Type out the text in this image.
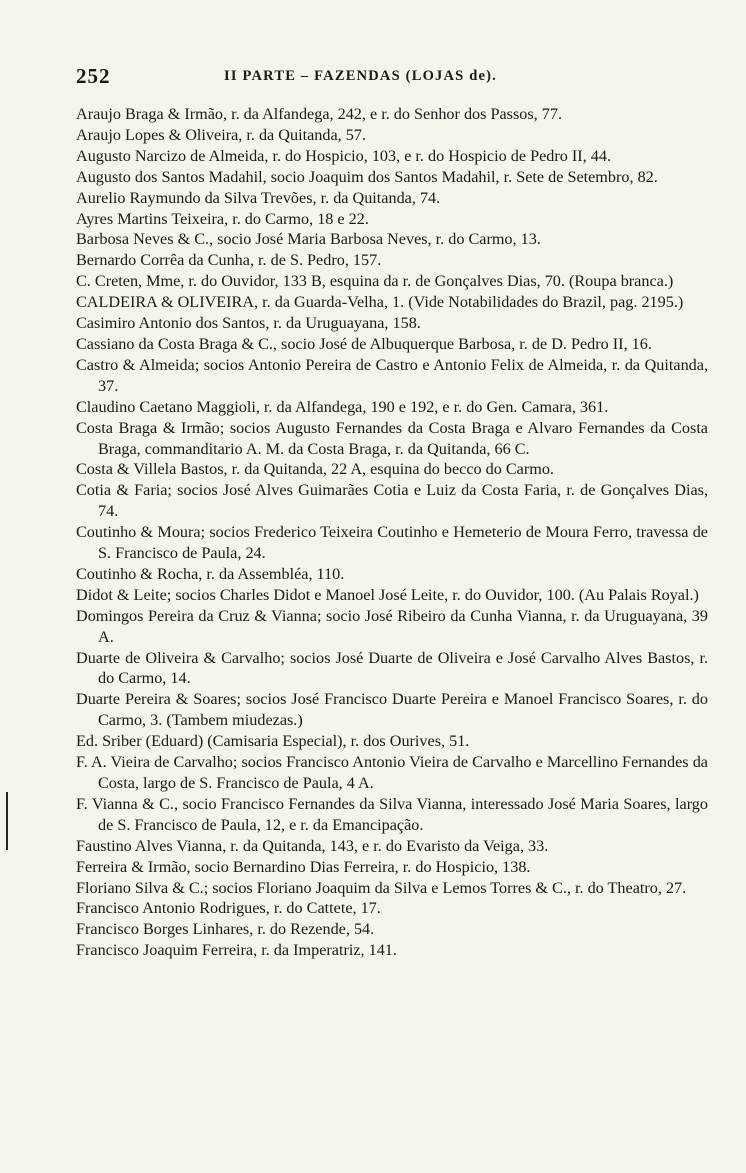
252	II PARTE – FAZENDAS (LOJAS de).
Araujo Braga & Irmão, r. da Alfandega, 242, e r. do Senhor dos Passos, 77.
Araujo Lopes & Oliveira, r. da Quitanda, 57.
Augusto Narcizo de Almeida, r. do Hospicio, 103, e r. do Hospicio de Pedro II, 44.
Augusto dos Santos Madahil, socio Joaquim dos Santos Madahil, r. Sete de Setembro, 82.
Aurelio Raymundo da Silva Trevões, r. da Quitanda, 74.
Ayres Martins Teixeira, r. do Carmo, 18 e 22.
Barbosa Neves & C., socio José Maria Barbosa Neves, r. do Carmo, 13.
Bernardo Corrêa da Cunha, r. de S. Pedro, 157.
C. Creten, Mme, r. do Ouvidor, 133 B, esquina da r. de Gonçalves Dias, 70. (Roupa branca.)
CALDEIRA & OLIVEIRA, r. da Guarda-Velha, 1. (Vide Notabilidades do Brazil, pag. 2195.)
Casimiro Antonio dos Santos, r. da Uruguayana, 158.
Cassiano da Costa Braga & C., socio José de Albuquerque Barbosa, r. de D. Pedro II, 16.
Castro & Almeida; socios Antonio Pereira de Castro e Antonio Felix de Almeida, r. da Quitanda, 37.
Claudino Caetano Maggioli, r. da Alfandega, 190 e 192, e r. do Gen. Camara, 361.
Costa Braga & Irmão; socios Augusto Fernandes da Costa Braga e Alvaro Fernandes da Costa Braga, commanditario A. M. da Costa Braga, r. da Quitanda, 66 C.
Costa & Villela Bastos, r. da Quitanda, 22 A, esquina do becco do Carmo.
Cotia & Faria; socios José Alves Guimarães Cotia e Luiz da Costa Faria, r. de Gonçalves Dias, 74.
Coutinho & Moura; socios Frederico Teixeira Coutinho e Hemeterio de Moura Ferro, travessa de S. Francisco de Paula, 24.
Coutinho & Rocha, r. da Assembléa, 110.
Didot & Leite; socios Charles Didot e Manoel José Leite, r. do Ouvidor, 100. (Au Palais Royal.)
Domingos Pereira da Cruz & Vianna; socio José Ribeiro da Cunha Vianna, r. da Uruguayana, 39 A.
Duarte de Oliveira & Carvalho; socios José Duarte de Oliveira e José Carvalho Alves Bastos, r. do Carmo, 14.
Duarte Pereira & Soares; socios José Francisco Duarte Pereira e Manoel Francisco Soares, r. do Carmo, 3. (Tambem miudezas.)
Ed. Sriber (Eduard) (Camisaria Especial), r. dos Ourives, 51.
F. A. Vieira de Carvalho; socios Francisco Antonio Vieira de Carvalho e Marcellino Fernandes da Costa, largo de S. Francisco de Paula, 4 A.
F. Vianna & C., socio Francisco Fernandes da Silva Vianna, interessado José Maria Soares, largo de S. Francisco de Paula, 12, e r. da Emancipação.
Faustino Alves Vianna, r. da Quitanda, 143, e r. do Evaristo da Veiga, 33.
Ferreira & Irmão, socio Bernardino Dias Ferreira, r. do Hospicio, 138.
Floriano Silva & C.; socios Floriano Joaquim da Silva e Lemos Torres & C., r. do Theatro, 27.
Francisco Antonio Rodrigues, r. do Cattete, 17.
Francisco Borges Linhares, r. do Rezende, 54.
Francisco Joaquim Ferreira, r. da Imperatriz, 141.
